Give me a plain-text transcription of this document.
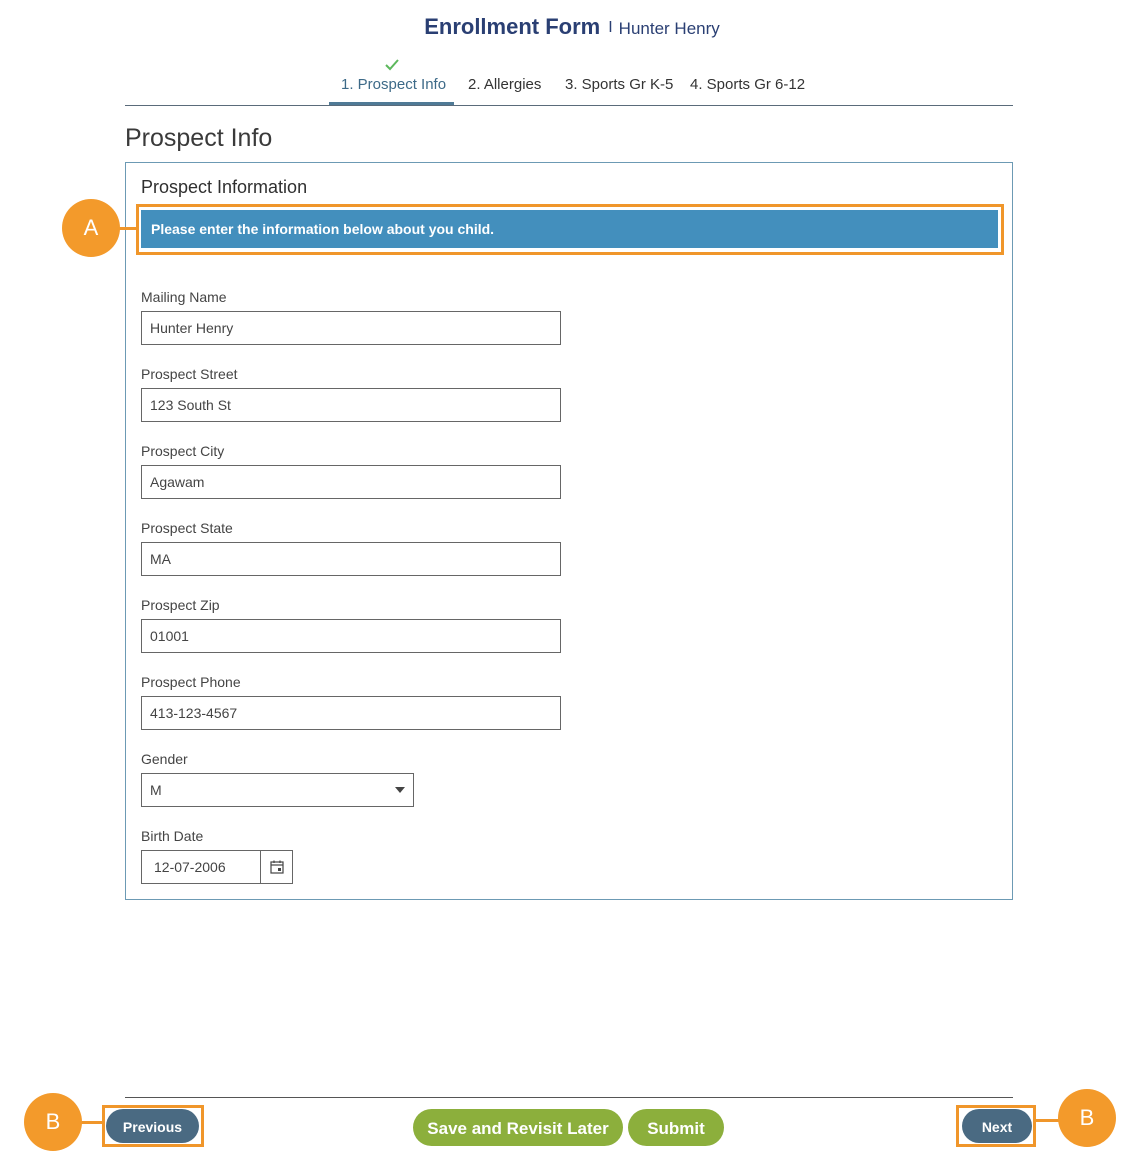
Enrollment Form I Hunter Henry
1. Prospect Info 2. Allergies 3. Sports Gr K-5 4. Sports Gr 6-12
Prospect Info
Prospect Information
Please enter the information below about you child.
Mailing Name
Hunter Henry
Prospect Street
123 South St
Prospect City
Agawam
Prospect State
MA
Prospect Zip
01001
Prospect Phone
413-123-4567
Gender
M
Birth Date
12-07-2006
Previous	Save and Revisit Later	Submit	Next
A
B	B
